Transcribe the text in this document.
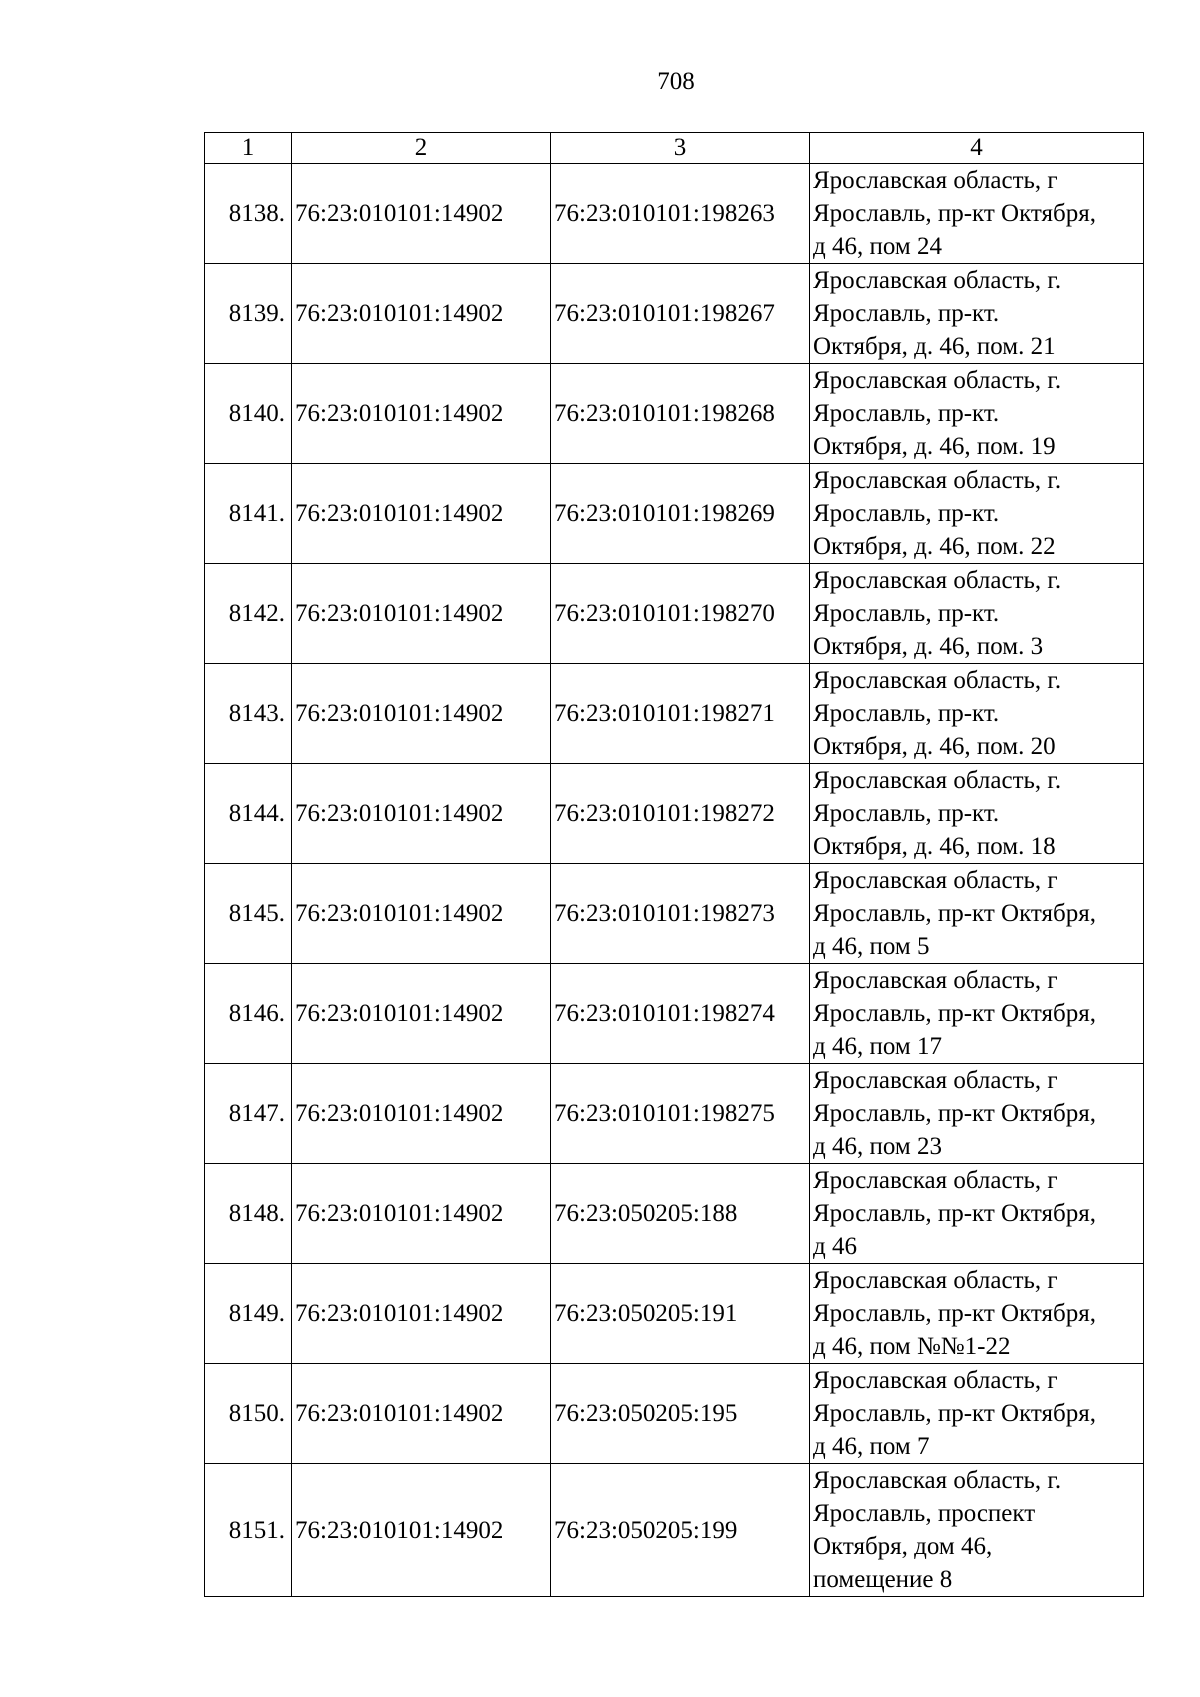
708
1	2	3	4
8138.	76:23:010101:14902	76:23:010101:198263	Ярославская область, г
Ярославль, пр-кт Октября,
д 46, пом 24

8139.	76:23:010101:14902	76:23:010101:198267	Ярославская область, г.
Ярославль, пр-кт.
Октября, д. 46, пом. 21

8140.	76:23:010101:14902	76:23:010101:198268	Ярославская область, г.
Ярославль, пр-кт.
Октября, д. 46, пом. 19

8141.	76:23:010101:14902	76:23:010101:198269	Ярославская область, г.
Ярославль, пр-кт.
Октября, д. 46, пом. 22

8142.	76:23:010101:14902	76:23:010101:198270	Ярославская область, г.
Ярославль, пр-кт.
Октября, д. 46, пом. 3

8143.	76:23:010101:14902	76:23:010101:198271	Ярославская область, г.
Ярославль, пр-кт.
Октября, д. 46, пом. 20

8144.	76:23:010101:14902	76:23:010101:198272	Ярославская область, г.
Ярославль, пр-кт.
Октября, д. 46, пом. 18

8145.	76:23:010101:14902	76:23:010101:198273	Ярославская область, г
Ярославль, пр-кт Октября,
д 46, пом 5

8146.	76:23:010101:14902	76:23:010101:198274	Ярославская область, г
Ярославль, пр-кт Октября,
д 46, пом 17

8147.	76:23:010101:14902	76:23:010101:198275	Ярославская область, г
Ярославль, пр-кт Октября,
д 46, пом 23

8148.	76:23:010101:14902	76:23:050205:188	Ярославская область, г
Ярославль, пр-кт Октября,
д 46

8149.	76:23:010101:14902	76:23:050205:191	Ярославская область, г
Ярославль, пр-кт Октября,
д 46, пом №№1-22

8150.	76:23:010101:14902	76:23:050205:195	Ярославская область, г
Ярославль, пр-кт Октября,
д 46, пом 7

8151.	76:23:010101:14902	76:23:050205:199	Ярославская область, г.
Ярославль, проспект
Октября, дом 46,
помещение 8
